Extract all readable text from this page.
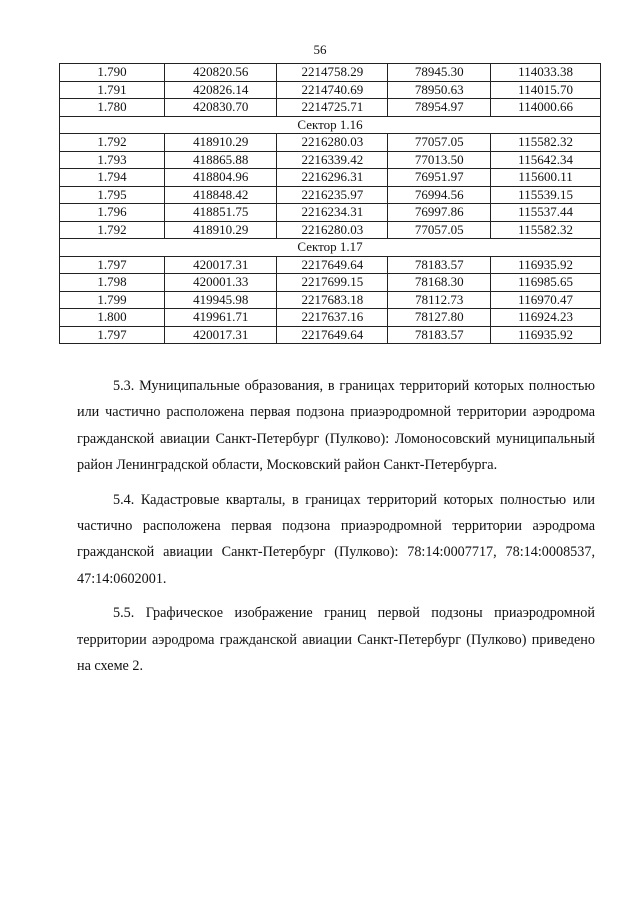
56
1.790	420820.56	2214758.29	78945.30	114033.38
1.791	420826.14	2214740.69	78950.63	114015.70
1.780	420830.70	2214725.71	78954.97	114000.66
Сектор 1.16				
1.792	418910.29	2216280.03	77057.05	115582.32
1.793	418865.88	2216339.42	77013.50	115642.34
1.794	418804.96	2216296.31	76951.97	115600.11
1.795	418848.42	2216235.97	76994.56	115539.15
1.796	418851.75	2216234.31	76997.86	115537.44
1.792	418910.29	2216280.03	77057.05	115582.32
Сектор 1.17				
1.797	420017.31	2217649.64	78183.57	116935.92
1.798	420001.33	2217699.15	78168.30	116985.65
1.799	419945.98	2217683.18	78112.73	116970.47
1.800	419961.71	2217637.16	78127.80	116924.23
1.797	420017.31	2217649.64	78183.57	116935.92

5.3. Муниципальные образования, в границах территорий которых полностью или частично расположена первая подзона приаэродромной территории аэродрома гражданской авиации Санкт-Петербург (Пулково): Ломоносовский муниципальный район Ленинградской области, Московский район Санкт-Петербурга.

5.4. Кадастровые кварталы, в границах территорий которых полностью или частично расположена первая подзона приаэродромной территории аэродрома гражданской авиации Санкт-Петербург (Пулково): 78:14:0007717, 78:14:0008537, 47:14:0602001.

5.5. Графическое изображение границ первой подзоны приаэродромной территории аэродрома гражданской авиации Санкт-Петербург (Пулково) приведено на схеме 2.
